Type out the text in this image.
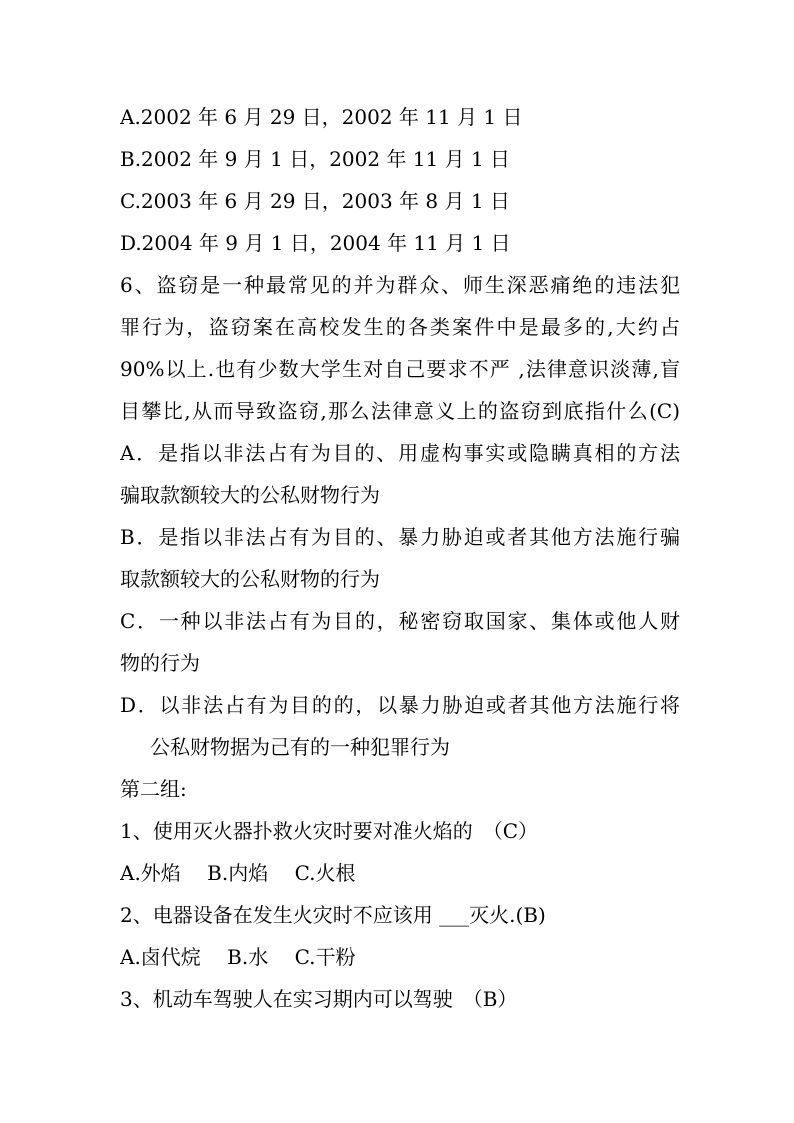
A.2002 年 6 月 29 日，2002 年 11 月 1 日
B.2002 年 9 月 1 日，2002 年 11 月 1 日
C.2003 年 6 月 29 日，2003 年 8 月 1 日
D.2004 年 9 月 1 日，2004 年 11 月 1 日
6、盗窃是一种最常见的并为群众、师生深恶痛绝的违法犯
罪行为，盗窃案在高校发生的各类案件中是最多的,大约占
90%以上.也有少数大学生对自己要求不严 ,法律意识淡薄,盲
目攀比,从而导致盗窃,那么法律意义上的盗窃到底指什么(C)
A．是指以非法占有为目的、用虚构事实或隐瞒真相的方法
骗取款额较大的公私财物行为
B．是指以非法占有为目的、暴力胁迫或者其他方法施行骗
取款额较大的公私财物的行为
C．一种以非法占有为目的，秘密窃取国家、集体或他人财
物的行为
D．以非法占有为目的的，以暴力胁迫或者其他方法施行将
公私财物据为己有的一种犯罪行为
第二组:
1、使用灭火器扑救火灾时要对准火焰的　（C）
A.外焰　 B.内焰　 C.火根
2、电器设备在发生火灾时不应该用 ___灭火.(B)
A.卤代烷　 B.水　 C.干粉
3、机动车驾驶人在实习期内可以驾驶　（B）
